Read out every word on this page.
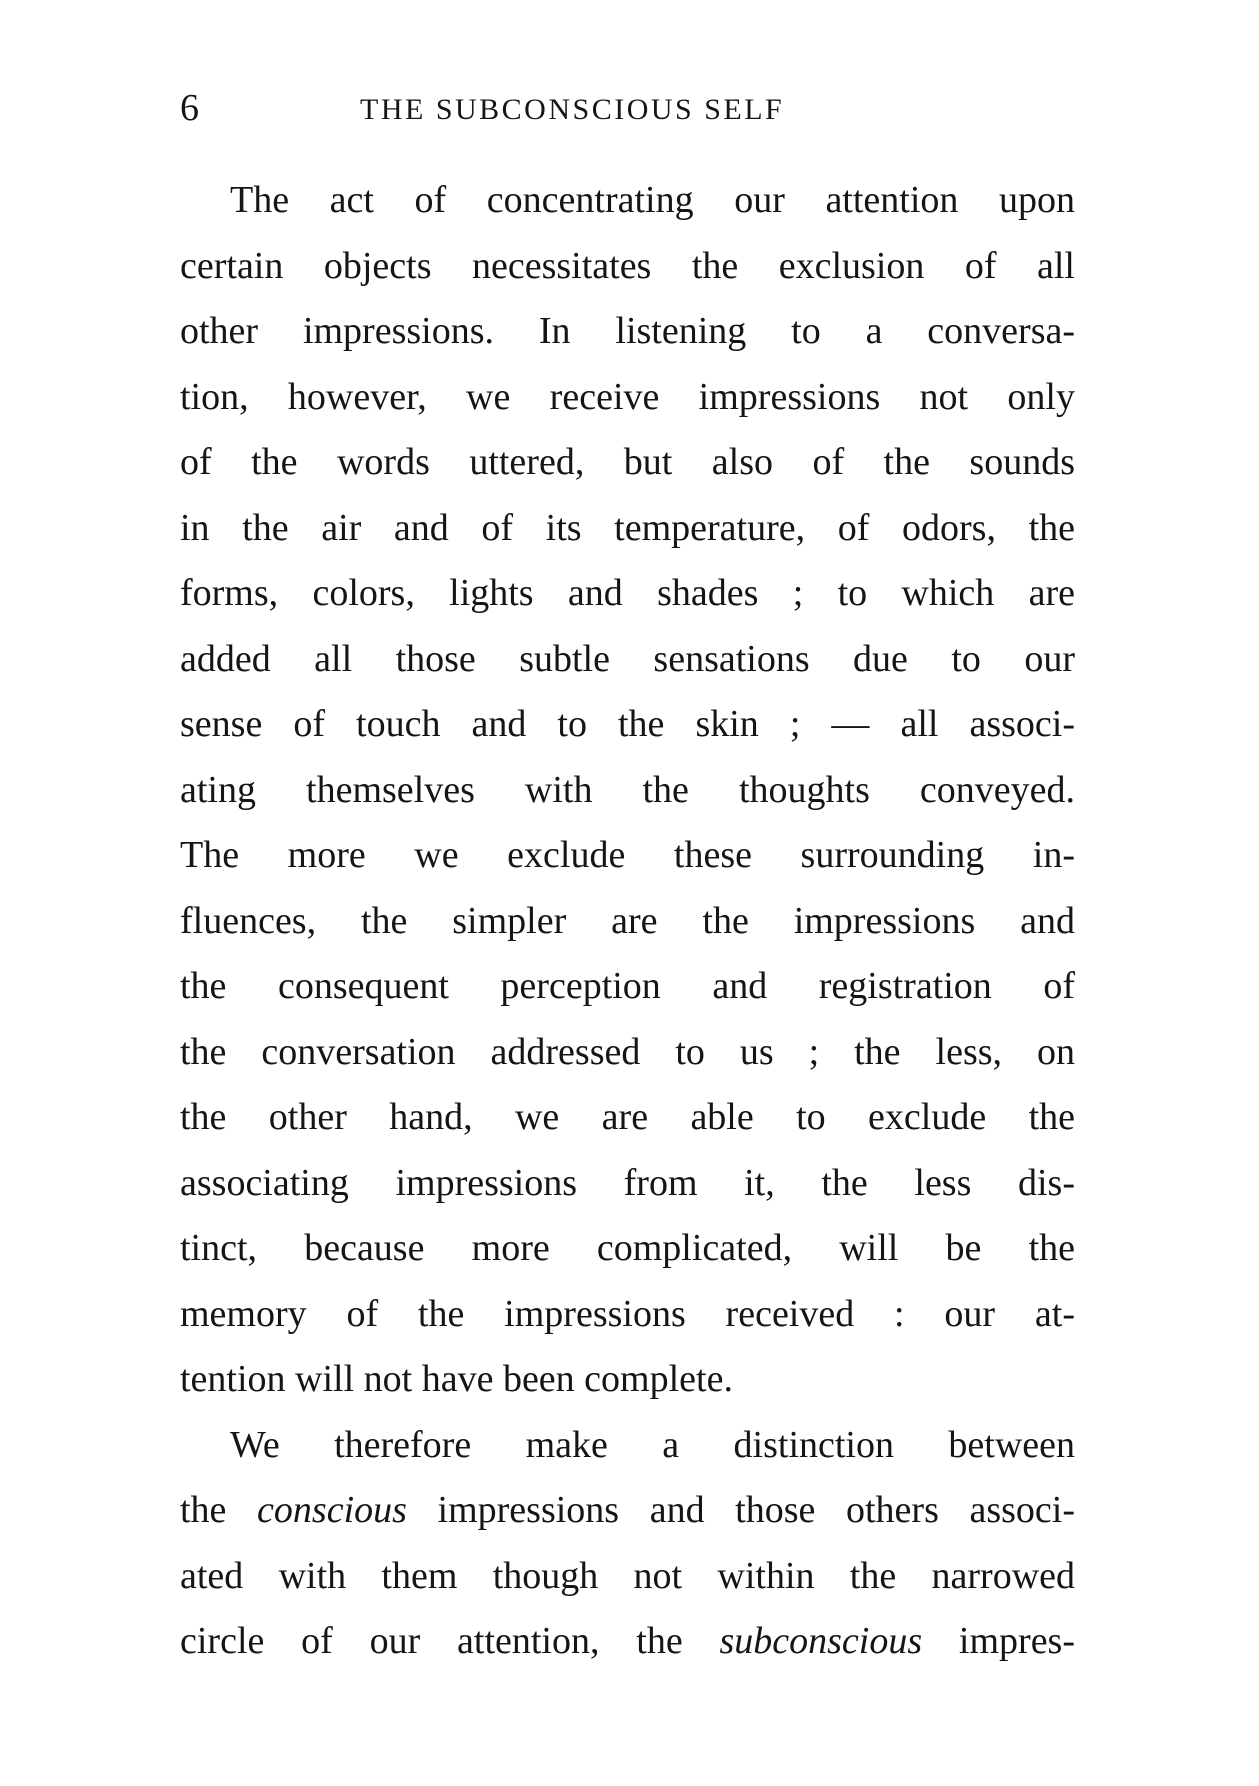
6	THE SUBCONSCIOUS SELF
The act of concentrating our attention upon
certain objects necessitates the exclusion of all
other impressions. In listening to a conversa-
tion, however, we receive impressions not only
of the words uttered, but also of the sounds
in the air and of its temperature, of odors, the
forms, colors, lights and shades ; to which are
added all those subtle sensations due to our
sense of touch and to the skin ; — all associ-
ating themselves with the thoughts conveyed.
The more we exclude these surrounding in-
fluences, the simpler are the impressions and
the consequent perception and registration of
the conversation addressed to us ; the less, on
the other hand, we are able to exclude the
associating impressions from it, the less dis-
tinct, because more complicated, will be the
memory of the impressions received : our at-
tention will not have been complete.
We therefore make a distinction between
the conscious impressions and those others associ-
ated with them though not within the narrowed
circle of our attention, the subconscious impres-
